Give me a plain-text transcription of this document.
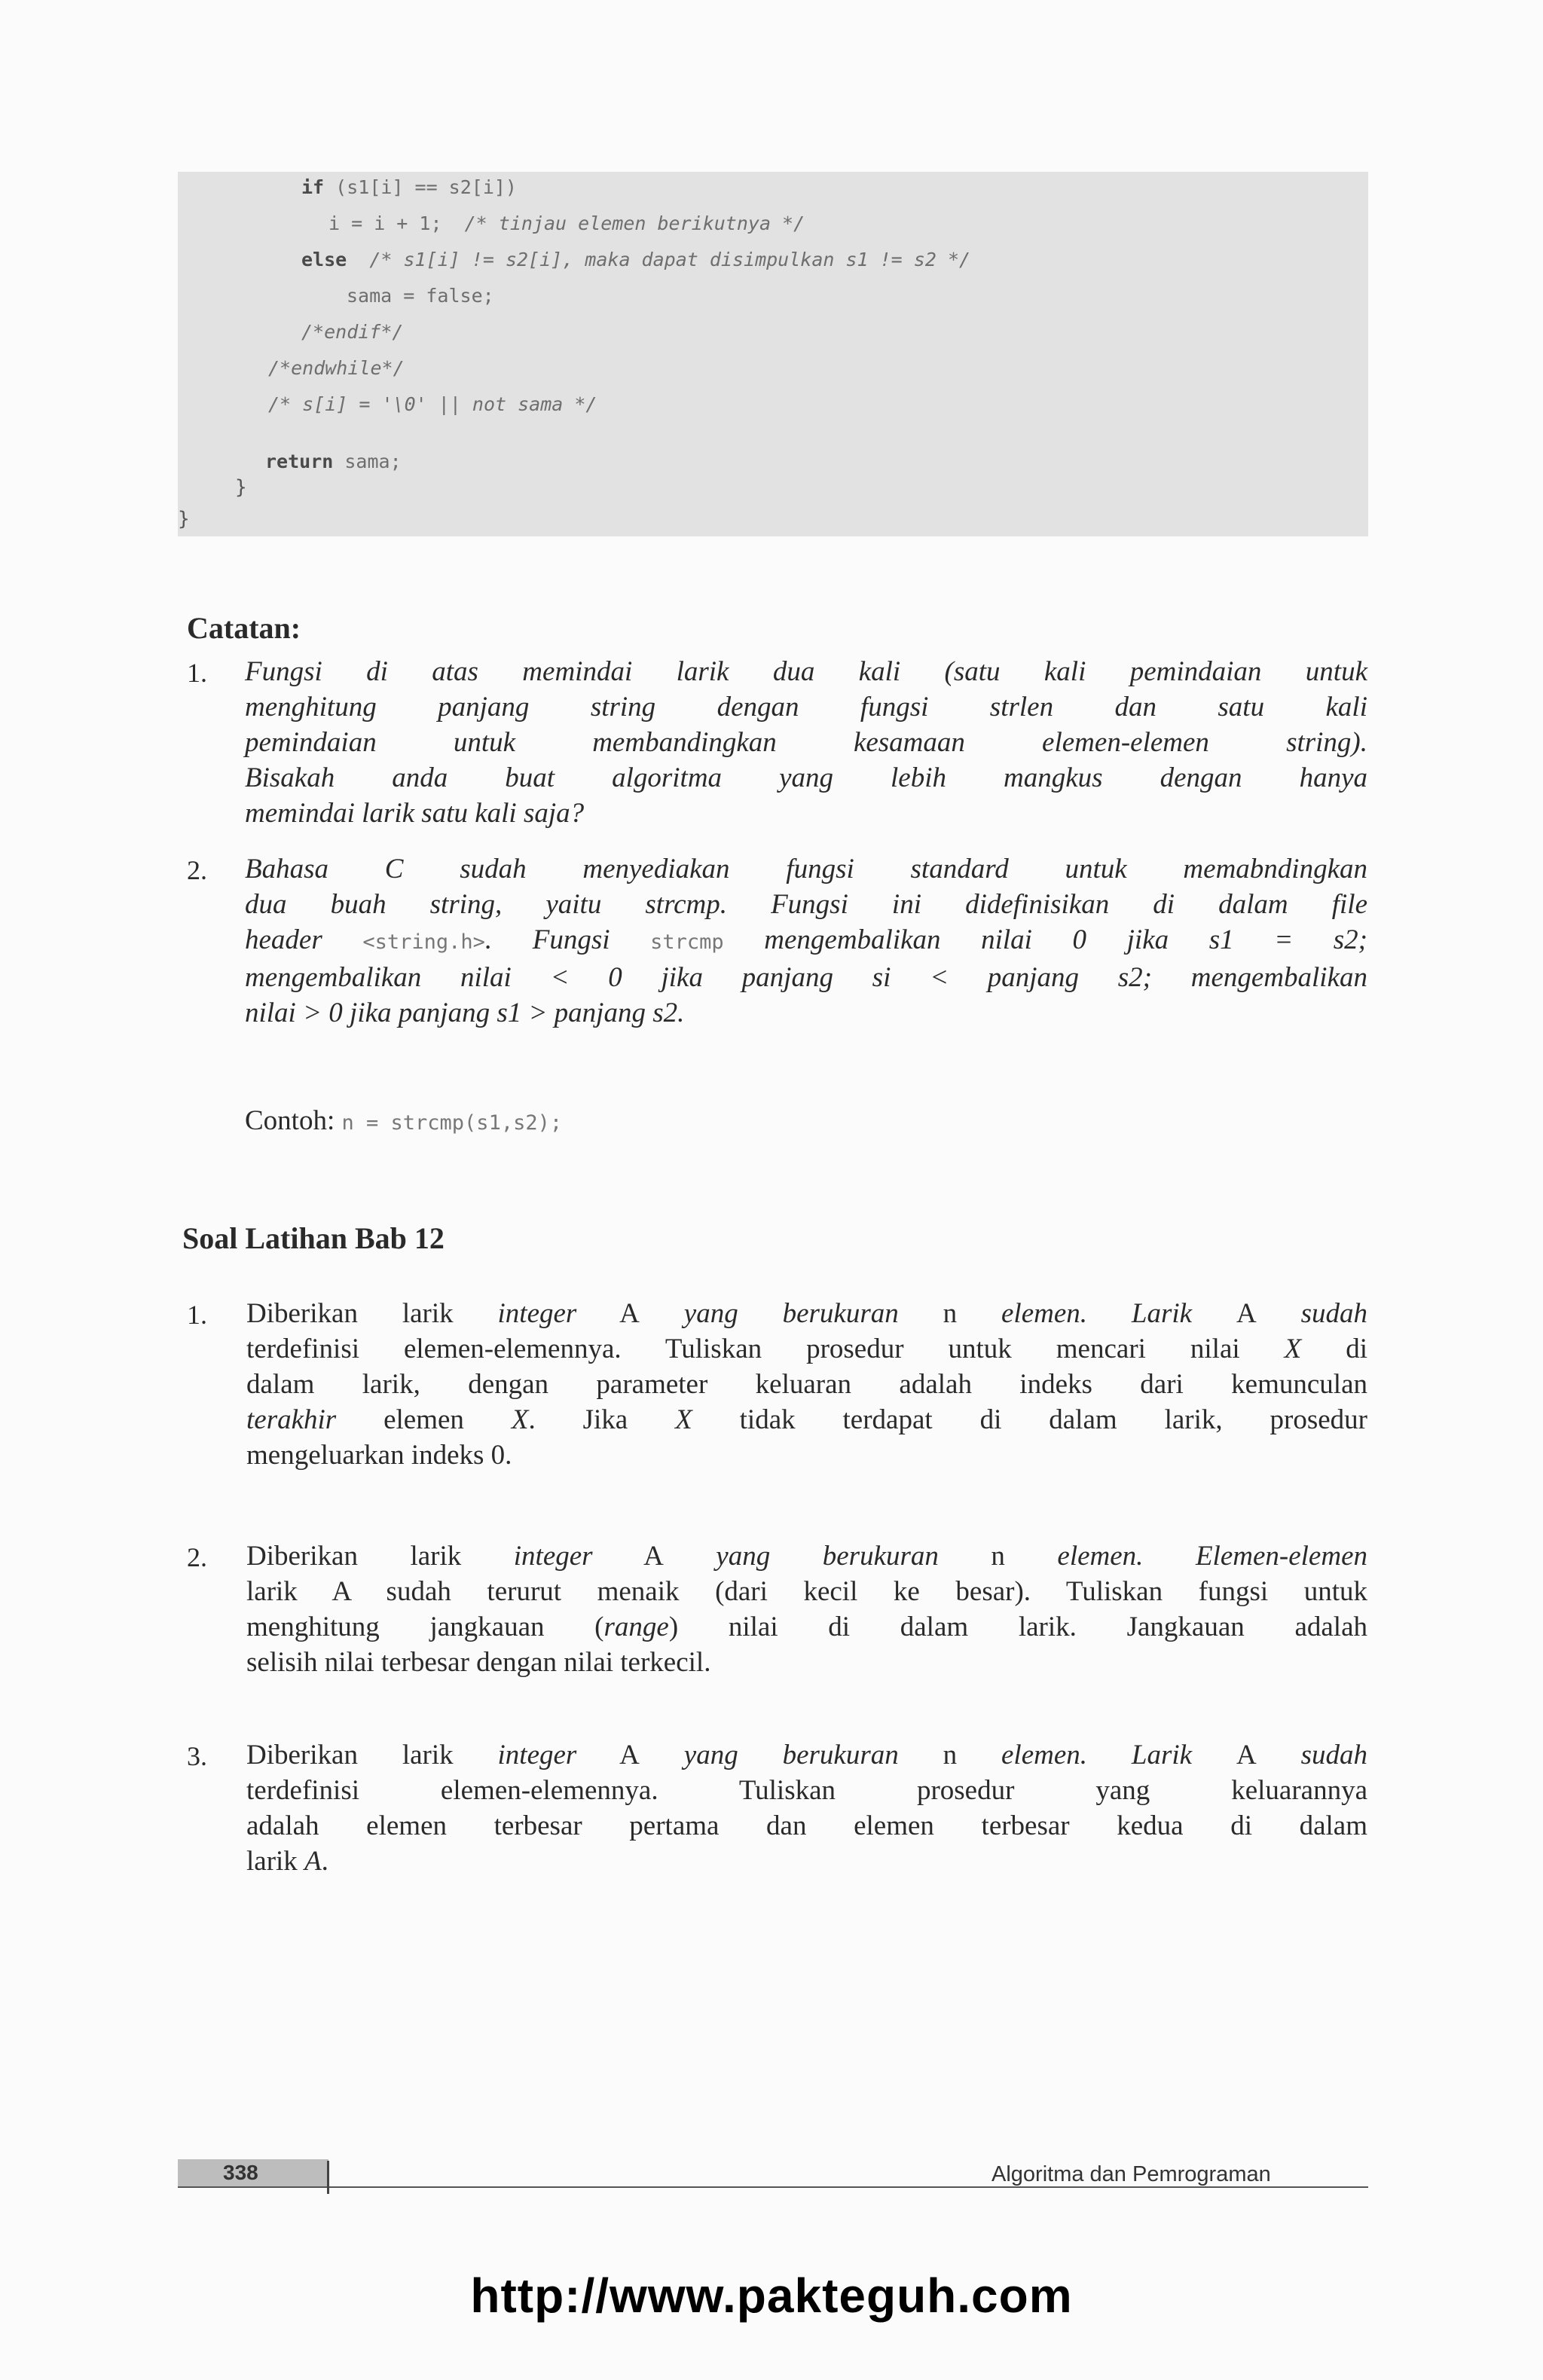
if (s1[i] == s2[i])
i = i + 1;  /* tinjau elemen berikutnya */
else /* s1[i] != s2[i], maka dapat disimpulkan s1 != s2 */
sama = false;
/*endif*/
/*endwhile*/
/* s[i] = '\0' || not sama */
return sama;
}
}
Catatan:
1. Fungsi di atas memindai larik dua kali (satu kali pemindaian untuk
menghitung panjang string dengan fungsi strlen dan satu kali
pemindaian untuk membandingkan kesamaan elemen-elemen string).
Bisakah anda buat algoritma yang lebih mangkus dengan hanya
memindai larik satu kali saja?
2. Bahasa C sudah menyediakan fungsi standard untuk memabndingkan
dua buah string, yaitu strcmp. Fungsi ini didefinisikan di dalam file
header <string.h>. Fungsi strcmp mengembalikan nilai 0 jika s1 = s2;
mengembalikan nilai < 0 jika panjang si < panjang s2; mengembalikan
nilai > 0 jika panjang s1 > panjang s2.
Contoh: n = strcmp(s1,s2);
Soal Latihan Bab 12
1. Diberikan larik integer A yang berukuran n elemen. Larik A sudah
terdefinisi elemen-elemennya. Tuliskan prosedur untuk mencari nilai X di
dalam larik, dengan parameter keluaran adalah indeks dari kemunculan
terakhir elemen X. Jika X tidak terdapat di dalam larik, prosedur
mengeluarkan indeks 0.
2. Diberikan larik integer A yang berukuran n elemen. Elemen-elemen
larik A sudah terurut menaik (dari kecil ke besar). Tuliskan fungsi untuk
menghitung jangkauan (range) nilai di dalam larik. Jangkauan adalah
selisih nilai terbesar dengan nilai terkecil.
3. Diberikan larik integer A yang berukuran n elemen. Larik A sudah
terdefinisi elemen-elemennya. Tuliskan prosedur yang keluarannya
adalah elemen terbesar pertama dan elemen terbesar kedua di dalam
larik A.
338	Algoritma dan Pemrograman
http://www.pakteguh.com
